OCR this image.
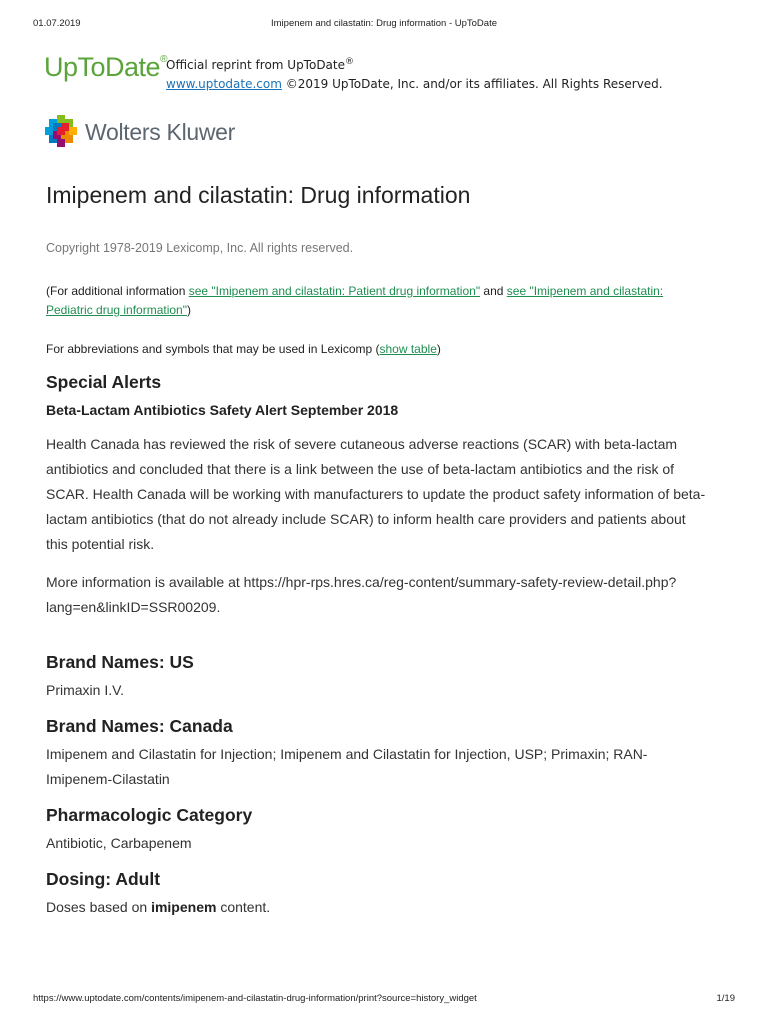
01.07.2019	Imipenem and cilastatin: Drug information - UpToDate
UpToDate® Official reprint from UpToDate®
www.uptodate.com ©2019 UpToDate, Inc. and/or its affiliates. All Rights Reserved.
Wolters Kluwer
Imipenem and cilastatin: Drug information
Copyright 1978-2019 Lexicomp, Inc. All rights reserved.
(For additional information see "Imipenem and cilastatin: Patient drug information" and see "Imipenem and cilastatin: Pediatric drug information")
For abbreviations and symbols that may be used in Lexicomp (show table)
Special Alerts
Beta-Lactam Antibiotics Safety Alert September 2018
Health Canada has reviewed the risk of severe cutaneous adverse reactions (SCAR) with beta-lactam antibiotics and concluded that there is a link between the use of beta-lactam antibiotics and the risk of SCAR. Health Canada will be working with manufacturers to update the product safety information of beta-lactam antibiotics (that do not already include SCAR) to inform health care providers and patients about this potential risk.
More information is available at https://hpr-rps.hres.ca/reg-content/summary-safety-review-detail.php?lang=en&linkID=SSR00209.
Brand Names: US
Primaxin I.V.
Brand Names: Canada
Imipenem and Cilastatin for Injection; Imipenem and Cilastatin for Injection, USP; Primaxin; RAN-Imipenem-Cilastatin
Pharmacologic Category
Antibiotic, Carbapenem
Dosing: Adult
Doses based on imipenem content.
https://www.uptodate.com/contents/imipenem-and-cilastatin-drug-information/print?source=history_widget	1/19
